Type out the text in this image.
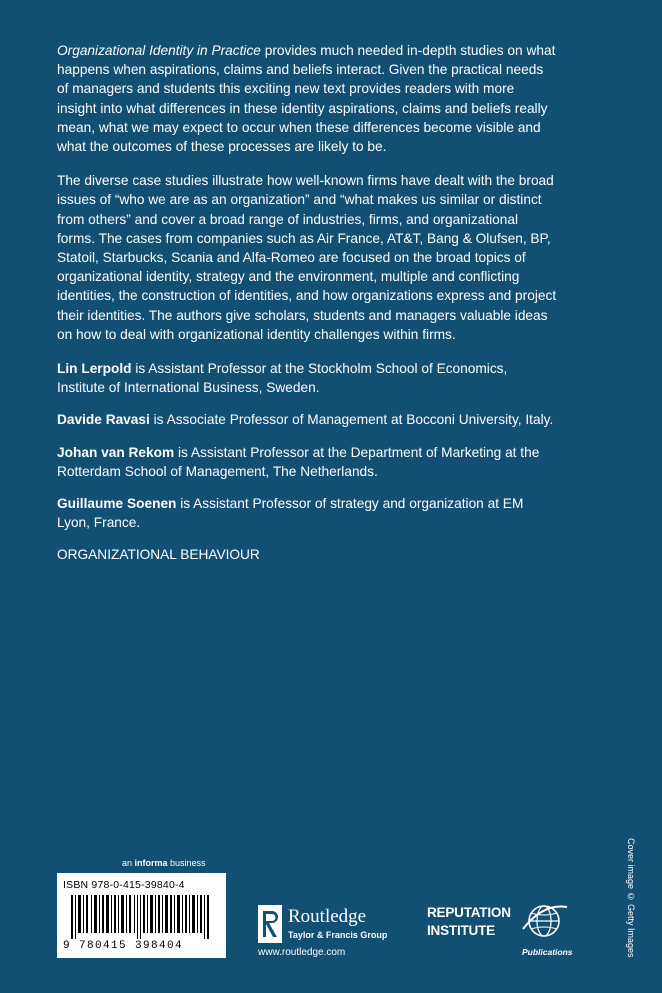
Organizational Identity in Practice provides much needed in-depth studies on what happens when aspirations, claims and beliefs interact. Given the practical needs of managers and students this exciting new text provides readers with more insight into what differences in these identity aspirations, claims and beliefs really mean, what we may expect to occur when these differences become visible and what the outcomes of these processes are likely to be.

The diverse case studies illustrate how well-known firms have dealt with the broad issues of “who we are as an organization” and “what makes us similar or distinct from others” and cover a broad range of industries, firms, and organizational forms. The cases from companies such as Air France, AT&T, Bang & Olufsen, BP, Statoil, Starbucks, Scania and Alfa-Romeo are focused on the broad topics of organizational identity, strategy and the environment, multiple and conflicting identities, the construction of identities, and how organizations express and project their identities. The authors give scholars, students and managers valuable ideas on how to deal with organizational identity challenges within firms.

Lin Lerpold is Assistant Professor at the Stockholm School of Economics, Institute of International Business, Sweden.

Davide Ravasi is Associate Professor of Management at Bocconi University, Italy.

Johan van Rekom is Assistant Professor at the Department of Marketing at the Rotterdam School of Management, The Netherlands.

Guillaume Soenen is Assistant Professor of strategy and organization at EM Lyon, France.

ORGANIZATIONAL BEHAVIOUR

an informa business
ISBN 978-0-415-39840-4
9 780415 398404
Routledge
Taylor & Francis Group
www.routledge.com
REPUTATION
INSTITUTE
Publications	Cover image © Getty Images
